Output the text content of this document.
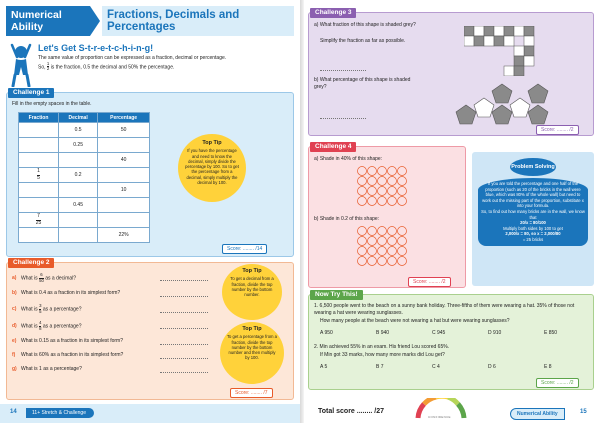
Numerical Ability
Fractions, Decimals and Percentages
Let's Get S-t-r-e-t-c-h-i-n-g!
The same value of proportion can be expressed as a fraction, decimal or percentage.
So, $\frac{1}{2}$ is the fraction, 0.5 the decimal and 50% the percentage.
Challenge 1
Fill in the empty spaces in the table.
Fraction	Decimal	Percentage
	0.5	50
	0.25	
		40

$\frac{1}{5}$	0.2	
		10
	0.45	

$\frac{7}{25}$

		22%
Top Tip
If you have the percentage and need to know the decimal, simply divide the percentage by 100. So to get the percentage from a decimal, simply multiply the decimal by 100.
Score: ........ /14
Challenge 2
a) What is $\frac{6}{50}$ as a decimal?
b) What is 0.4 as a fraction in its simplest form?
c) What is $\frac{3}{5}$ as a percentage?
d) What is $\frac{4}{8}$ as a percentage?
e) What is 0.15 as a fraction in its simplest form?
f) What is 60% as a fraction in its simplest form?
g) What is 1 as a percentage?
Top Tip
To get a decimal from a fraction, divide the top number by the bottom number.
Top Tip
To get a percentage from a fraction, divide the top number by the bottom number and then multiply by 100.
Score: ........ /7
14	11+ Stretch & Challenge
Challenge 3
a) What fraction of this shape is shaded grey?
Simplify the fraction as far as possible.
b) What percentage of this shape is shaded grey?
Score: ........ /2
Challenge 4
a) Shade in 40% of this shape:
b) Shade in 0.2 of this shape:
Score: ........ /2
Problem Solving
If you are told the percentage and one half of the proportion (such as 20 of the bricks in the wall were blue, which was 80% of the whole wall) but need to work out the missing part of the proportion, substitute x into your formula.
So, to find out how many bricks are in the wall, we know that
20/x = 80/100
Multiply both sides by 100 to get
2,000/x = 80, so x = 2,000/80
= 25 bricks
Now Try This!
1. 6,500 people went to the beach on a sunny bank holiday. Three-fifths of them were wearing a hat. 35% of those not wearing a hat were wearing sunglasses.
How many people at the beach were not wearing a hat but were wearing sunglasses?
A 950	B 940	C 945	D 910	E 850
2. Min achieved 55% in an exam. His friend Lou scored 65%.
If Min got 33 marks, how many more marks did Lou get?
A 5	B 7	C 4	D 6	E 8
Score: ........ /2
Total score ........ /27
CONFIDENCE	Numerical Ability	15
